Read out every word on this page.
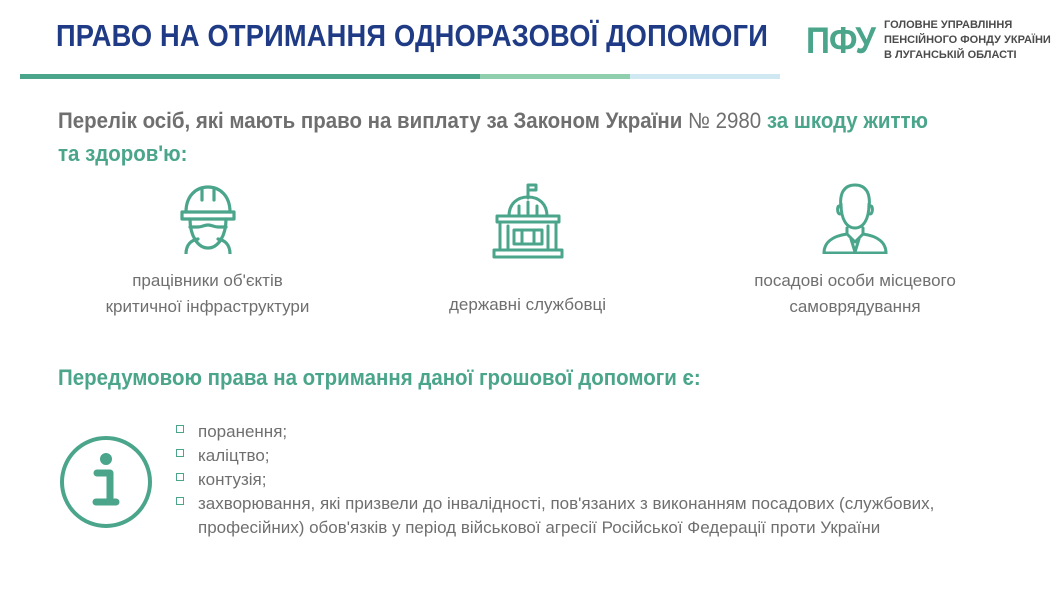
ПРАВО НА ОТРИМАННЯ ОДНОРАЗОВОЇ ДОПОМОГИ ПФУ ГОЛОВНЕ УПРАВЛІННЯ
ПЕНСІЙНОГО ФОНДУ УКРАЇНИ
В ЛУГАНСЬКІЙ ОБЛАСТІ
Перелік осіб, які мають право на виплату за Законом України № 2980 за шкоду життю та здоров'ю:
працівники об'єктів
критичної інфраструктури	державні службовці
посадові особи місцевого
самоврядування
Передумовою права на отримання даної грошової допомоги є:
поранення;
каліцтво;
контузія;
захворювання, які призвели до інвалідності, пов'язаних з виконанням посадових (службових, професійних) обов'язків у період військової агресії Російської Федерації проти України
